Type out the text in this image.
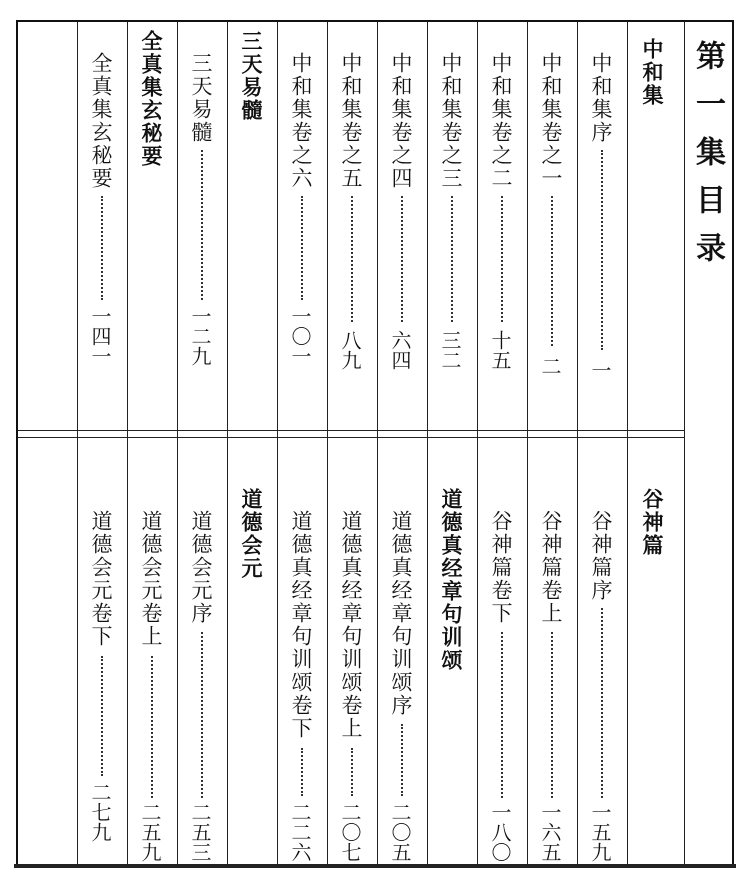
第一集目录
中和集
中和集序
一
中和集卷之一
二
中和集卷之二
十五
中和集卷之三
三二
中和集卷之四
六四
中和集卷之五
八九
中和集卷之六
一〇一
三天易髓
三天易髓
一二九
全真集玄秘要
全真集玄秘要
一四一
谷神篇
谷神篇序
一五九
谷神篇卷上
一六五
谷神篇卷下
一八〇
道德真经章句训颂
道德真经章句训颂序
二〇五
道德真经章句训颂卷上
二〇七
道德真经章句训颂卷下
二二六
道德会元
道德会元序
二五三
道德会元卷上
二五九
道德会元卷下
二七九
